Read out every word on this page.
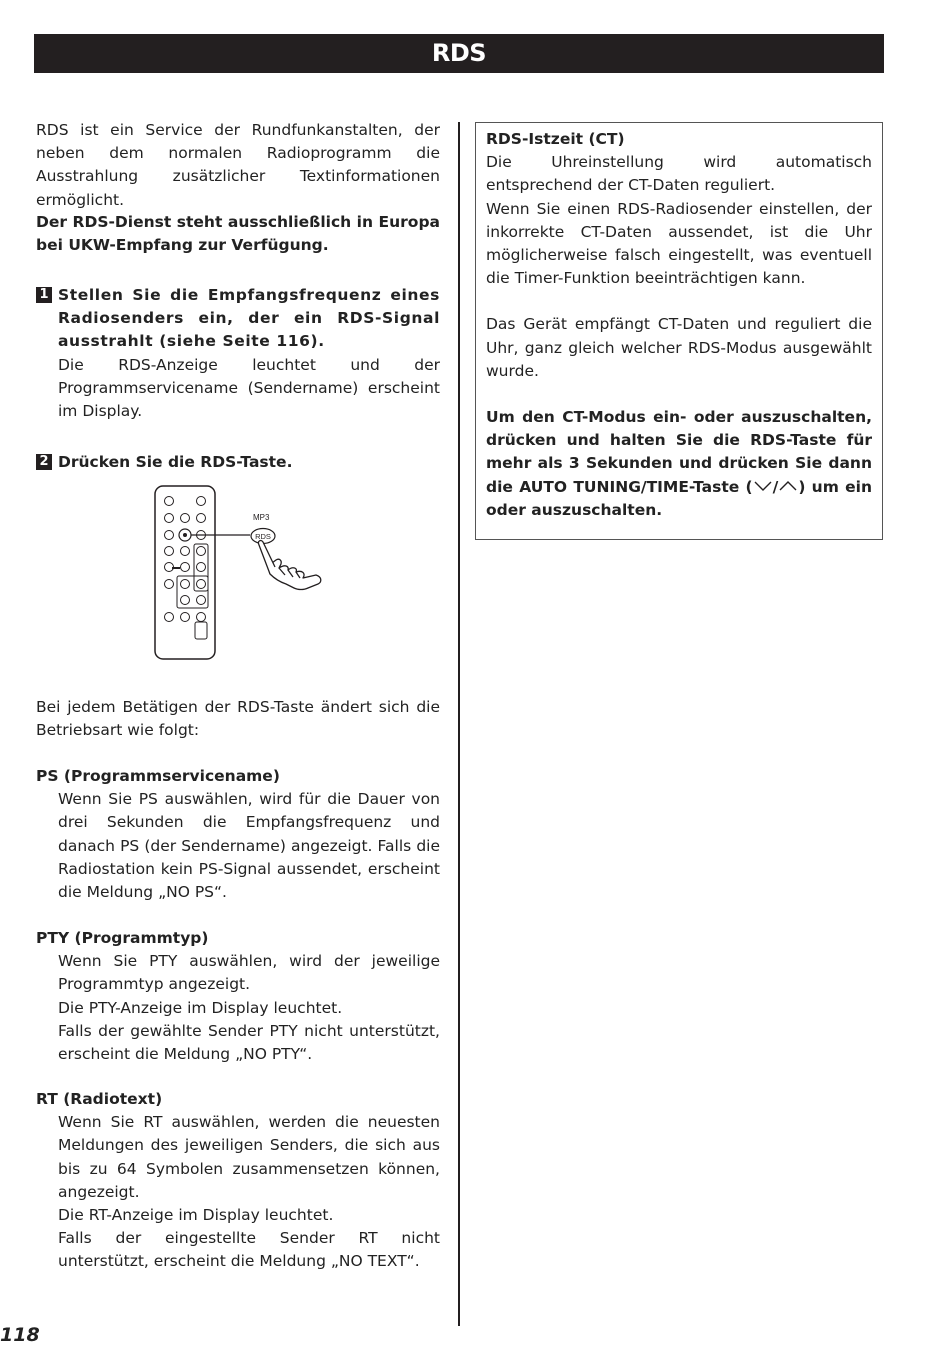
RDS

RDS ist ein Service der Rundfunkanstalten, der neben dem normalen Radioprogramm die Ausstrahlung zusätzlicher Textinformationen ermöglicht.

Der RDS-Dienst steht ausschließlich in Europa bei UKW-Empfang zur Verfügung.

1 Stellen Sie die Empfangsfrequenz eines Radiosenders ein, der ein RDS-Signal ausstrahlt (siehe Seite 116).

Die RDS-Anzeige leuchtet und der Programmservicename (Sendername) erscheint im Display.

2 Drücken Sie die RDS-Taste.

MP3
RDS

Bei jedem Betätigen der RDS-Taste ändert sich die Betriebsart wie folgt:

PS (Programmservicename)

Wenn Sie PS auswählen, wird für die Dauer von drei Sekunden die Empfangsfrequenz und danach PS (der Sendername) angezeigt. Falls die Radiostation kein PS-Signal aussendet, erscheint die Meldung „NO PS“.

PTY (Programmtyp)

Wenn Sie PTY auswählen, wird der jeweilige Programmtyp angezeigt.

Die PTY-Anzeige im Display leuchtet.

Falls der gewählte Sender PTY nicht unterstützt, erscheint die Meldung „NO PTY“.

RT (Radiotext)

Wenn Sie RT auswählen, werden die neuesten Meldungen des jeweiligen Senders, die sich aus bis zu 64 Symbolen zusammensetzen können, angezeigt.

Die RT-Anzeige im Display leuchtet.

Falls der eingestellte Sender RT nicht unterstützt, erscheint die Meldung „NO TEXT“.

RDS-Istzeit (CT)

Die Uhreinstellung wird automatisch entsprechend der CT-Daten reguliert.

Wenn Sie einen RDS-Radiosender einstellen, der inkorrekte CT-Daten aussendet, ist die Uhr möglicherweise falsch eingestellt, was eventuell die Timer-Funktion beeinträchtigen kann.

Das Gerät empfängt CT-Daten und reguliert die Uhr, ganz gleich welcher RDS-Modus ausgewählt wurde.

Um den CT-Modus ein- oder auszuschalten, drücken und halten Sie die RDS-Taste für mehr als 3 Sekunden und drücken Sie dann die AUTO TUNING/TIME-Taste ( / ) um ein oder auszuschalten.

118
